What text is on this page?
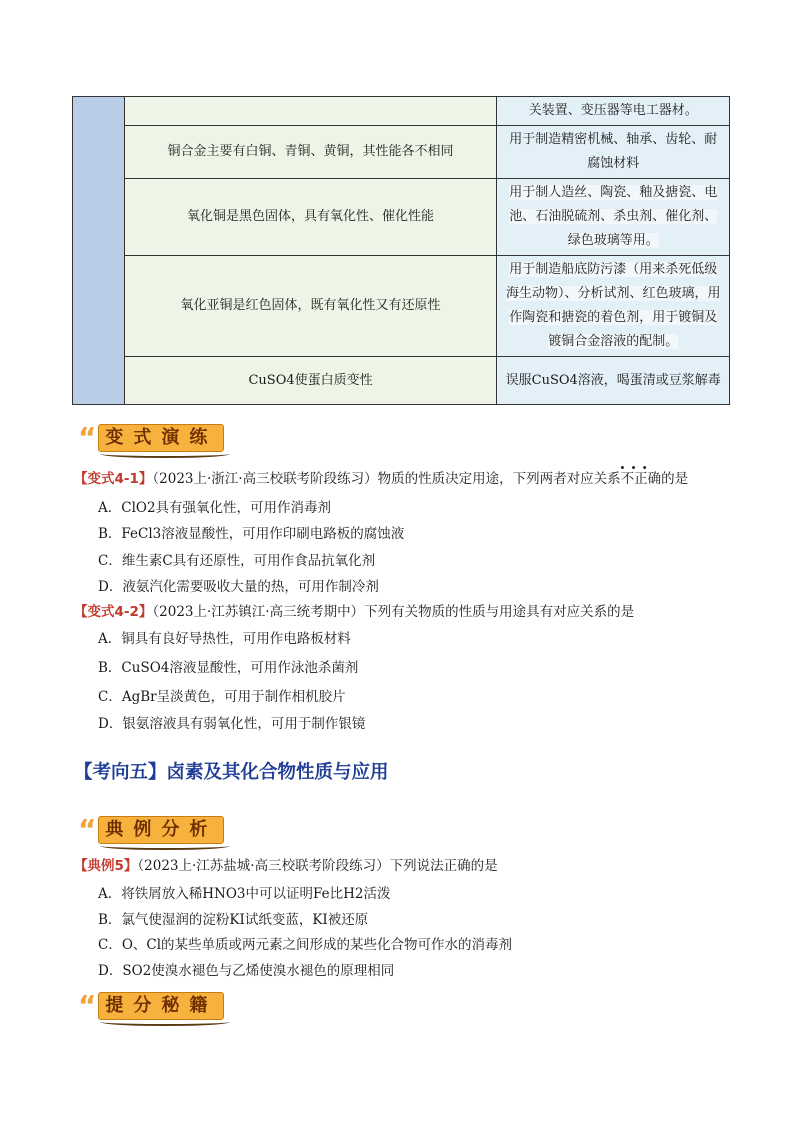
		关装置、变压器等电工器材。
	铜合金主要有白铜、青铜、黄铜，其性能各不相同	用于制造精密机械、轴承、齿轮、耐腐蚀材料
	氧化铜是黑色固体，具有氧化性、催化性能	用于制人造丝、陶瓷、釉及搪瓷、电池、石油脱硫剂、杀虫剂、催化剂、绿色玻璃等用。
	氧化亚铜是红色固体，既有氧化性又有还原性	用于制造船底防污漆（用来杀死低级海生动物）、分析试剂、红色玻璃，用作陶瓷和搪瓷的着色剂，用于镀铜及镀铜合金溶液的配制。
	CuSO4使蛋白质变性	误服CuSO4溶液，喝蛋清或豆浆解毒
“ 变式演练
【变式4-1】（2023上·浙江·高三校联考阶段练习）物质的性质决定用途，下列两者对应关系· · 不正确的是
A．ClO2具有强氧化性，可用作消毒剂
B．FeCl3溶液显酸性，可用作印刷电路板的腐蚀液
C．维生素C具有还原性，可用作食品抗氧化剂
D．液氨汽化需要吸收大量的热，可用作制冷剂
【变式4-2】（2023上·江苏镇江·高三统考期中）下列有关物质的性质与用途具有对应关系的是
A．铜具有良好导热性，可用作电路板材料
B．CuSO4溶液显酸性，可用作泳池杀菌剂
C．AgBr呈淡黄色，可用于制作相机胶片
D．银氨溶液具有弱氧化性，可用于制作银镜
【考向五】卤素及其化合物性质与应用
“ 典例分析
【典例5】（2023上·江苏盐城·高三校联考阶段练习）下列说法正确的是
A．将铁屑放入稀HNO3中可以证明Fe比H2活泼
B．氯气使湿润的淀粉KI试纸变蓝，KI被还原
C．O、Cl的某些单质或两元素之间形成的某些化合物可作水的消毒剂
D．SO2使溴水褪色与乙烯使溴水褪色的原理相同
“ 提分秘籍
